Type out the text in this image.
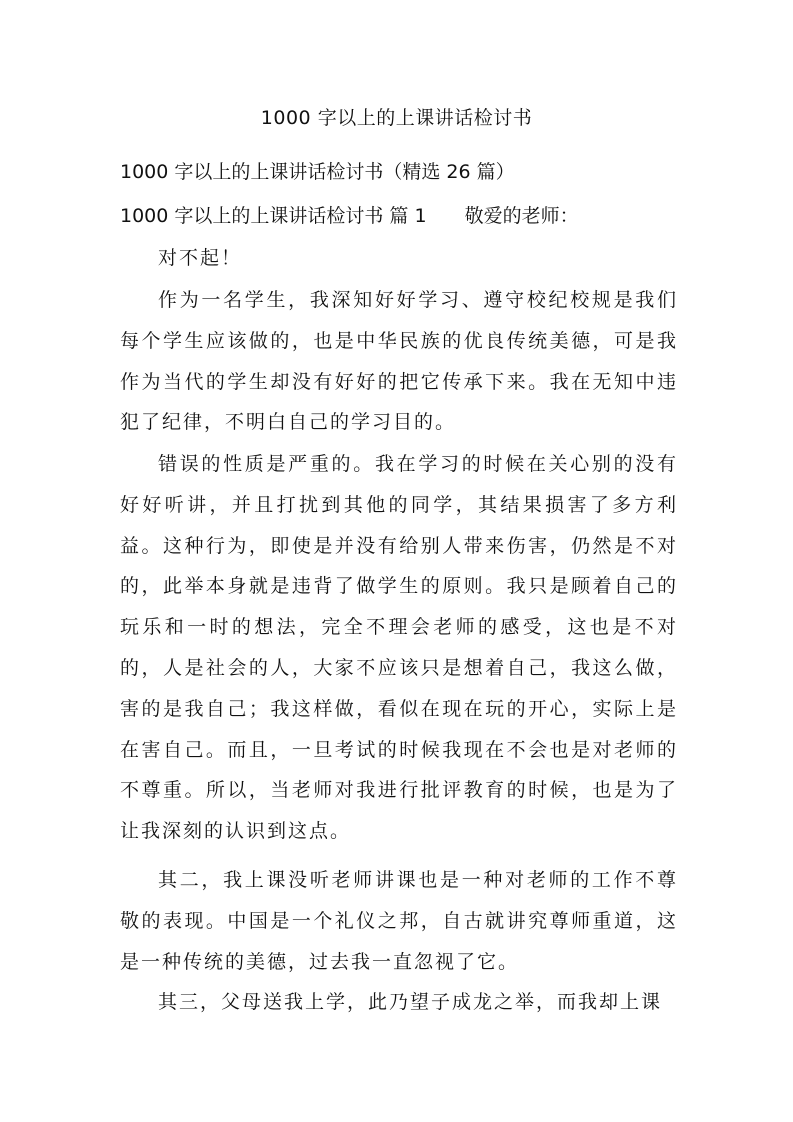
1000 字以上的上课讲话检讨书
1000 字以上的上课讲话检讨书（精选 26 篇）
1000 字以上的上课讲话检讨书 篇 1 敬爱的老师：
对不起！
作为一名学生，我深知好好学习、遵守校纪校规是我们每个学生应该做的，也是中华民族的优良传统美德，可是我作为当代的学生却没有好好的把它传承下来。我在无知中违犯了纪律，不明白自己的学习目的。
错误的性质是严重的。我在学习的时候在关心别的没有好好听讲，并且打扰到其他的同学，其结果损害了多方利益。这种行为，即使是并没有给别人带来伤害，仍然是不对的，此举本身就是违背了做学生的原则。我只是顾着自己的玩乐和一时的想法，完全不理会老师的感受，这也是不对的，人是社会的人，大家不应该只是想着自己，我这么做，害的是我自己；我这样做，看似在现在玩的开心，实际上是在害自己。而且，一旦考试的时候我现在不会也是对老师的不尊重。所以，当老师对我进行批评教育的时候，也是为了让我深刻的认识到这点。
其二，我上课没听老师讲课也是一种对老师的工作不尊敬的表现。中国是一个礼仪之邦，自古就讲究尊师重道，这是一种传统的美德，过去我一直忽视了它。
其三，父母送我上学，此乃望子成龙之举，而我却上课
